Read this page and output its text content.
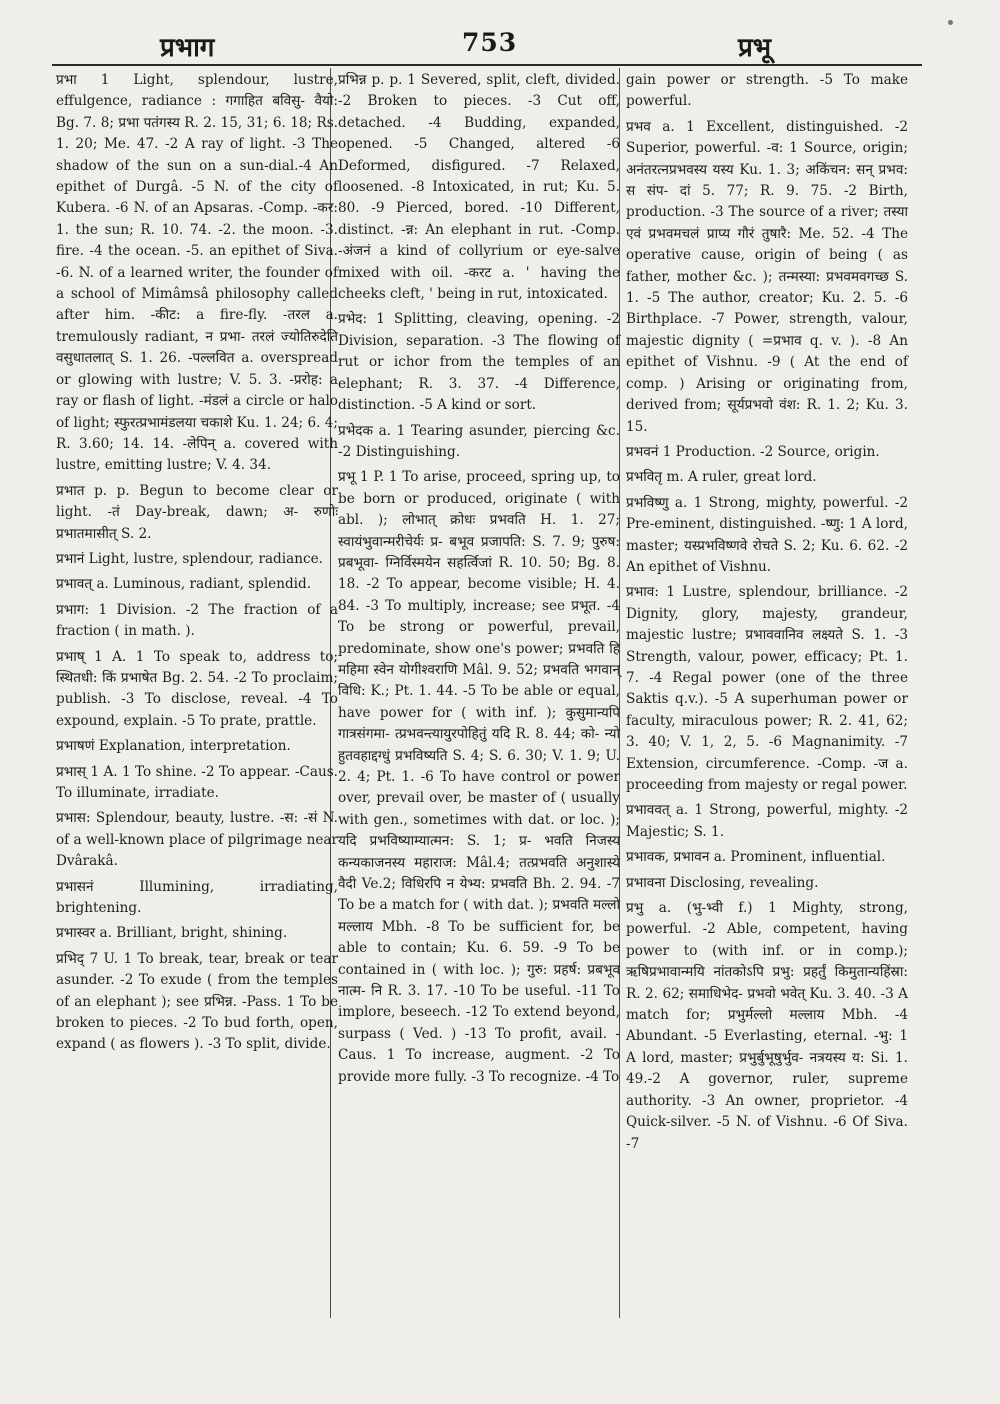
प्रभाग	753	प्रभू

प्रभा 1 Light, splendour, lustre, effulgence, radiance : गगाहित बविसु- वैयो: Bg. 7. 8; प्रभा पतंगस्य R. 2. 15, 31; 6. 18; Rs. 1. 20; Me. 47. -2 A ray of light. -3 The shadow of the sun on a sun-dial.-4 An epithet of Durgâ. -5 N. of the city of Kubera. -6 N. of an Apsaras. -Comp. -कर: 1. the sun; R. 10. 74. -2. the moon. -3. fire. -4 the ocean. -5. an epithet of Siva. -6. N. of a learned writer, the founder of a school of Mimâmsâ philosophy called after him. -कीट: a fire-fly. -तरल a. tremulously radiant, न प्रभा- तरलं ज्योतिरुदेति वसुधातलात् S. 1. 26. -पल्लवित a. overspread or glowing with lustre; V. 5. 3. -प्ररोह: a ray or flash of light. -मंडलं a circle or halo of light; स्फुरत्प्रभामंडलया चकाशे Ku. 1. 24; 6. 4; R. 3.60; 14. 14. -लेपिन् a. covered with lustre, emitting lustre; V. 4. 34.

प्रभात p. p. Begun to become clear or light. -तं Day-break, dawn; अ- रुणोः प्रभातमासीत् S. 2.

प्रभानं Light, lustre, splendour, radiance.

प्रभावत् a. Luminous, radiant, splendid.

प्रभाग: 1 Division. -2 The fraction of a fraction ( in math. ).

प्रभाष् 1 A. 1 To speak to, address to; स्थितधी: किं प्रभाषेत Bg. 2. 54. -2 To proclaim; publish. -3 To disclose, reveal. -4 To expound, explain. -5 To prate, prattle.

प्रभाषणं Explanation, interpretation.

प्रभास् 1 A. 1 To shine. -2 To appear. -Caus. To illuminate, irradiate.

प्रभास: Splendour, beauty, lustre. -स: -सं N. of a well-known place of pilgrimage near Dvârakâ.

प्रभासनं Illumining, irradiating, brightening.

प्रभास्वर a. Brilliant, bright, shining.

प्रभिद् 7 U. 1 To break, tear, break or tear asunder. -2 To exude ( from the temples of an elephant ); see प्रभिन्न. -Pass. 1 To be broken to pieces. -2 To bud forth, open, expand ( as flowers ). -3 To split, divide.

प्रभिन्न p. p. 1 Severed, split, cleft, divided. -2 Broken to pieces. -3 Cut off, detached. -4 Budding, expanded, opened. -5 Changed, altered -6 Deformed, disfigured. -7 Relaxed, loosened. -8 Intoxicated, in rut; Ku. 5. 80. -9 Pierced, bored. -10 Different, distinct. -न्न: An elephant in rut. -Comp. -अंजनं a kind of collyrium or eye-salve mixed with oil. -करट a. ' having the cheeks cleft, ' being in rut, intoxicated.

प्रभेद: 1 Splitting, cleaving, opening. -2 Division, separation. -3 The flowing of rut or ichor from the temples of an elephant; R. 3. 37. -4 Difference, distinction. -5 A kind or sort.

प्रभेदक a. 1 Tearing asunder, piercing &c. -2 Distinguishing.

प्रभू 1 P. 1 To arise, proceed, spring up, to be born or produced, originate ( with abl. ); लोभात् क्रोधः प्रभवति H. 1. 27; स्वायंभुवान्मरीचेर्यः प्र- बभूव प्रजापति: S. 7. 9; पुरुष: प्रबभूवा- ग्निर्विस्मयेन सहर्त्विजां R. 10. 50; Bg. 8. 18. -2 To appear, become visible; H. 4. 84. -3 To multiply, increase; see प्रभूत. -4 To be strong or powerful, prevail, predominate, show one's power; प्रभवति हि महिमा स्वेन योगीश्वराणि Mâl. 9. 52; प्रभवति भगवान् विधि: K.; Pt. 1. 44. -5 To be able or equal, have power for ( with inf. ); कुसुमान्यपि गात्रसंगमा- त्प्रभवन्त्यायुरपोहितुं यदि R. 8. 44; को- न्यो हुतवहाद्दग्धुं प्रभविष्यति S. 4; S. 6. 30; V. 1. 9; U. 2. 4; Pt. 1. -6 To have control or power over, prevail over, be master of ( usually with gen., sometimes with dat. or loc. ); यदि प्रभविष्याम्यात्मन: S. 1; प्र- भवति निजस्य कन्यकाजनस्य महाराज: Mâl.4; तत्प्रभवति अनुशास्ये वैदी Ve.2; विधिरपि न येभ्य: प्रभवति Bh. 2. 94. -7 To be a match for ( with dat. ); प्रभवति मल्लो मल्लाय Mbh. -8 To be sufficient for, be able to contain; Ku. 6. 59. -9 To be contained in ( with loc. ); गुरु: प्रहर्ष: प्रबभूव नात्म- नि R. 3. 17. -10 To be useful. -11 To implore, beseech. -12 To extend beyond, surpass ( Ved. ) -13 To profit, avail. -Caus. 1 To increase, augment. -2 To provide more fully. -3 To recognize. -4 To

gain power or strength. -5 To make powerful.

प्रभव a. 1 Excellent, distinguished. -2 Superior, powerful. -व: 1 Source, origin; अनंतरत्नप्रभवस्य यस्य Ku. 1. 3; अकिंचन: सन् प्रभव: स संप- दां 5. 77; R. 9. 75. -2 Birth, production. -3 The source of a river; तस्या एवं प्रभवमचलं प्राप्य गौरं तुषारै: Me. 52. -4 The operative cause, origin of being ( as father, mother &c. ); तन्मस्या: प्रभवमवगच्छ S. 1. -5 The author, creator; Ku. 2. 5. -6 Birthplace. -7 Power, strength, valour, majestic dignity ( =प्रभाव q. v. ). -8 An epithet of Vishnu. -9 ( At the end of comp. ) Arising or originating from, derived from; सूर्यप्रभवो वंश: R. 1. 2; Ku. 3. 15.

प्रभवनं 1 Production. -2 Source, origin.

प्रभवितृ m. A ruler, great lord.

प्रभविष्णु a. 1 Strong, mighty, powerful. -2 Pre-eminent, distinguished. -ष्णु: 1 A lord, master; यस्प्रभविष्णवे रोचते S. 2; Ku. 6. 62. -2 An epithet of Vishnu.

प्रभाव: 1 Lustre, splendour, brilliance. -2 Dignity, glory, majesty, grandeur, majestic lustre; प्रभाववानिव लक्ष्यते S. 1. -3 Strength, valour, power, efficacy; Pt. 1. 7. -4 Regal power (one of the three Saktis q.v.). -5 A superhuman power or faculty, miraculous power; R. 2. 41, 62; 3. 40; V. 1, 2, 5. -6 Magnanimity. -7 Extension, circumference. -Comp. -ज a. proceeding from majesty or regal power.

प्रभाववत् a. 1 Strong, powerful, mighty. -2 Majestic; S. 1.

प्रभावक, प्रभावन a. Prominent, influential.

प्रभावना Disclosing, revealing.

प्रभु a. (भु-भ्वी f.) 1 Mighty, strong, powerful. -2 Able, competent, having power to (with inf. or in comp.); ऋषिप्रभावान्मयि नांतकोऽपि प्रभु: प्रहर्तुं किमुतान्यहिंस्रा: R. 2. 62; समाधिभेद- प्रभवो भवेत् Ku. 3. 40. -3 A match for; प्रभुर्मल्लो मल्लाय Mbh. -4 Abundant. -5 Everlasting, eternal. -भु: 1 A lord, master; प्रभुर्बुभूषुर्भुव- नत्रयस्य य: Si. 1. 49.-2 A governor, ruler, supreme authority. -3 An owner, proprietor. -4 Quick-silver. -5 N. of Vishnu. -6 Of Siva. -7
